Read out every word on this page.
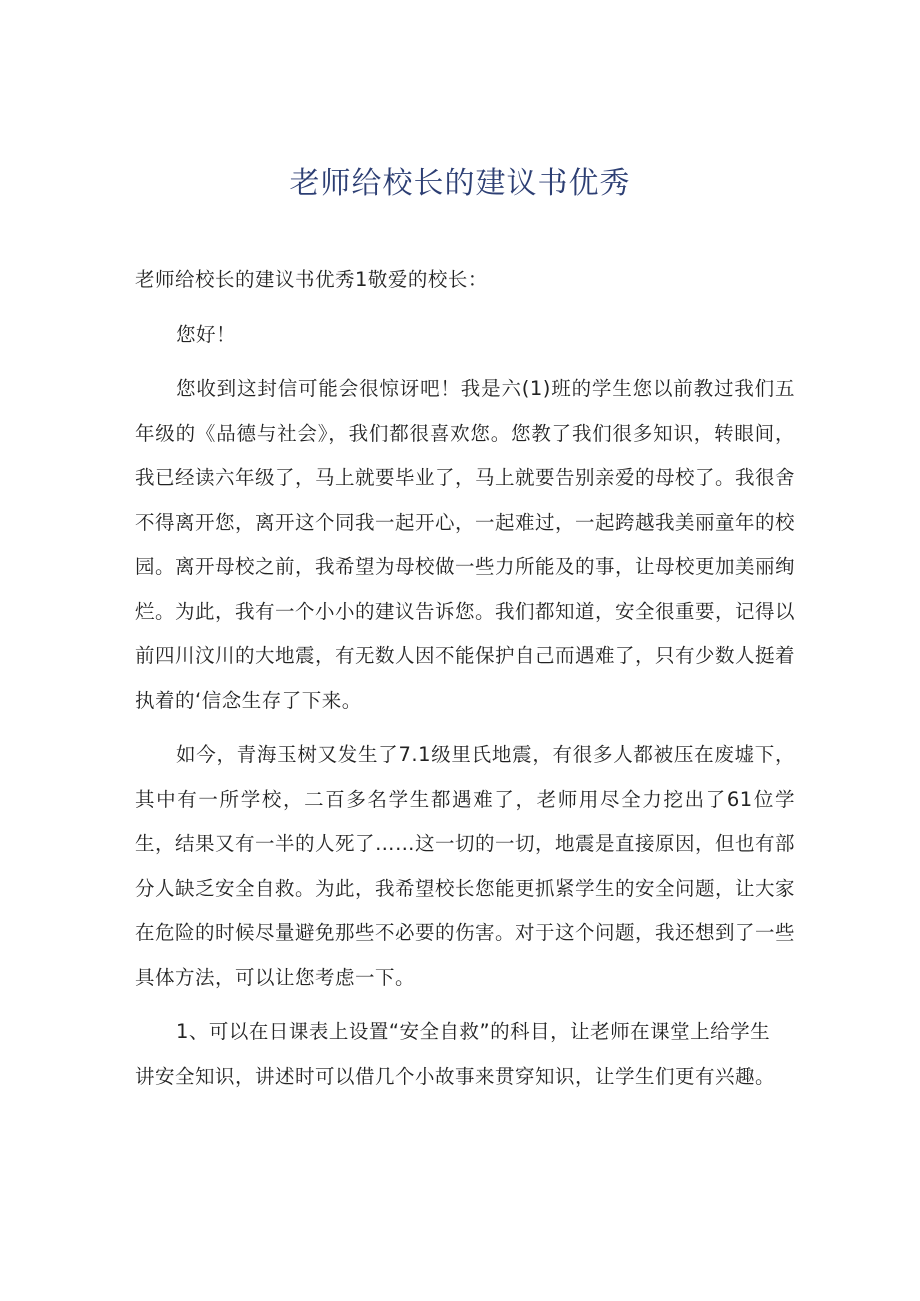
老师给校长的建议书优秀

老师给校长的建议书优秀1敬爱的校长：

您好！

您收到这封信可能会很惊讶吧！我是六(1)班的学生您以前教过我们五年级的《品德与社会》，我们都很喜欢您。您教了我们很多知识，转眼间，我已经读六年级了，马上就要毕业了，马上就要告别亲爱的母校了。我很舍不得离开您，离开这个同我一起开心，一起难过，一起跨越我美丽童年的校园。离开母校之前，我希望为母校做一些力所能及的事，让母校更加美丽绚烂。为此，我有一个小小的建议告诉您。我们都知道，安全很重要，记得以前四川汶川的大地震，有无数人因不能保护自己而遇难了，只有少数人挺着执着的‘信念生存了下来。

如今，青海玉树又发生了7.1级里氏地震，有很多人都被压在废墟下，其中有一所学校，二百多名学生都遇难了，老师用尽全力挖出了61位学生，结果又有一半的人死了……这一切的一切，地震是直接原因，但也有部分人缺乏安全自救。为此，我希望校长您能更抓紧学生的安全问题，让大家在危险的时候尽量避免那些不必要的伤害。对于这个问题，我还想到了一些具体方法，可以让您考虑一下。

1、可以在日课表上设置“安全自救”的科目，让老师在课堂上给学生讲安全知识，讲述时可以借几个小故事来贯穿知识，让学生们更有兴趣。
